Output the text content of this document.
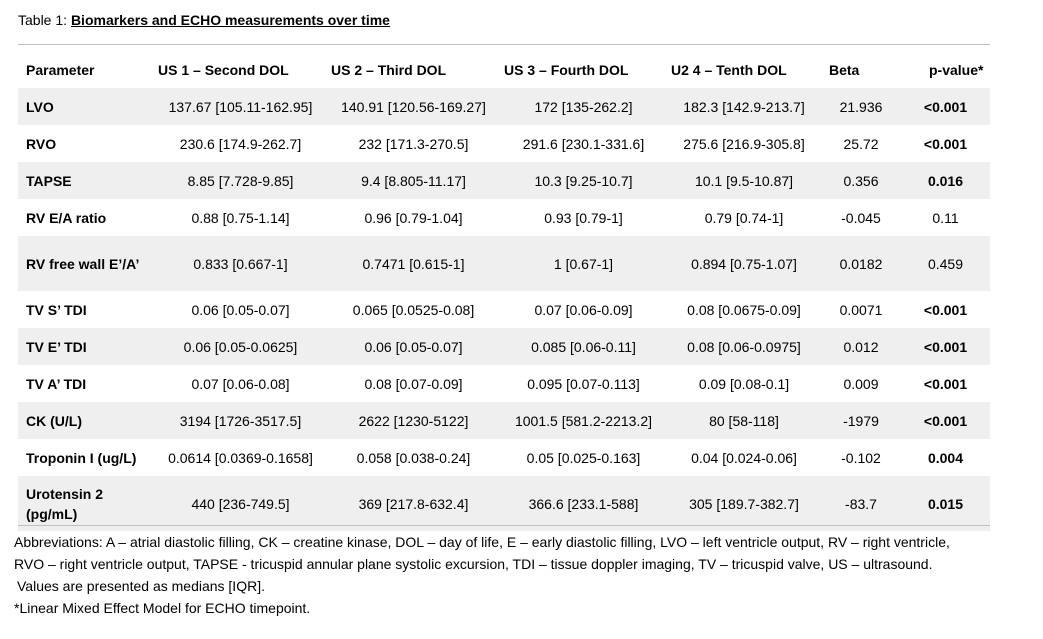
Table 1: Biomarkers and ECHO measurements over time
Parameter	US 1 – Second DOL	US 2 – Third DOL	US 3 – Fourth DOL	U2 4 – Tenth DOL	Beta	p-value*
LVO	137.67 [105.11-162.95]	140.91 [120.56-169.27]	172 [135-262.2]	182.3 [142.9-213.7]	21.936	<0.001
RVO	230.6 [174.9-262.7]	232 [171.3-270.5]	291.6 [230.1-331.6]	275.6 [216.9-305.8]	25.72	<0.001
TAPSE	8.85 [7.728-9.85]	9.4 [8.805-11.17]	10.3 [9.25-10.7]	10.1 [9.5-10.87]	0.356	0.016
RV E/A ratio	0.88 [0.75-1.14]	0.96 [0.79-1.04]	0.93 [0.79-1]	0.79 [0.74-1]	-0.045	0.11
RV free wall E’/A’	0.833 [0.667-1]	0.7471 [0.615-1]	1 [0.67-1]	0.894 [0.75-1.07]	0.0182	0.459
TV S’ TDI	0.06 [0.05-0.07]	0.065 [0.0525-0.08]	0.07 [0.06-0.09]	0.08 [0.0675-0.09]	0.0071	<0.001
TV E’ TDI	0.06 [0.05-0.0625]	0.06 [0.05-0.07]	0.085 [0.06-0.11]	0.08 [0.06-0.0975]	0.012	<0.001
TV A’ TDI	0.07 [0.06-0.08]	0.08 [0.07-0.09]	0.095 [0.07-0.113]	0.09 [0.08-0.1]	0.009	<0.001
CK (U/L)	3194 [1726-3517.5]	2622 [1230-5122]	1001.5 [581.2-2213.2]	80 [58-118]	-1979	<0.001
Troponin I (ug/L)	0.0614 [0.0369-0.1658]	0.058 [0.038-0.24]	0.05 [0.025-0.163]	0.04 [0.024-0.06]	-0.102	0.004
Urotensin 2 (pg/mL)	440 [236-749.5]	369 [217.8-632.4]	366.6 [233.1-588]	305 [189.7-382.7]	-83.7	0.015

Abbreviations: A – atrial diastolic filling, CK – creatine kinase, DOL – day of life, E – early diastolic filling, LVO – left ventricle output, RV – right ventricle,

RVO – right ventricle output, TAPSE - tricuspid annular plane systolic excursion, TDI – tissue doppler imaging, TV – tricuspid valve, US – ultrasound.

Values are presented as medians [IQR].

*Linear Mixed Effect Model for ECHO timepoint.
